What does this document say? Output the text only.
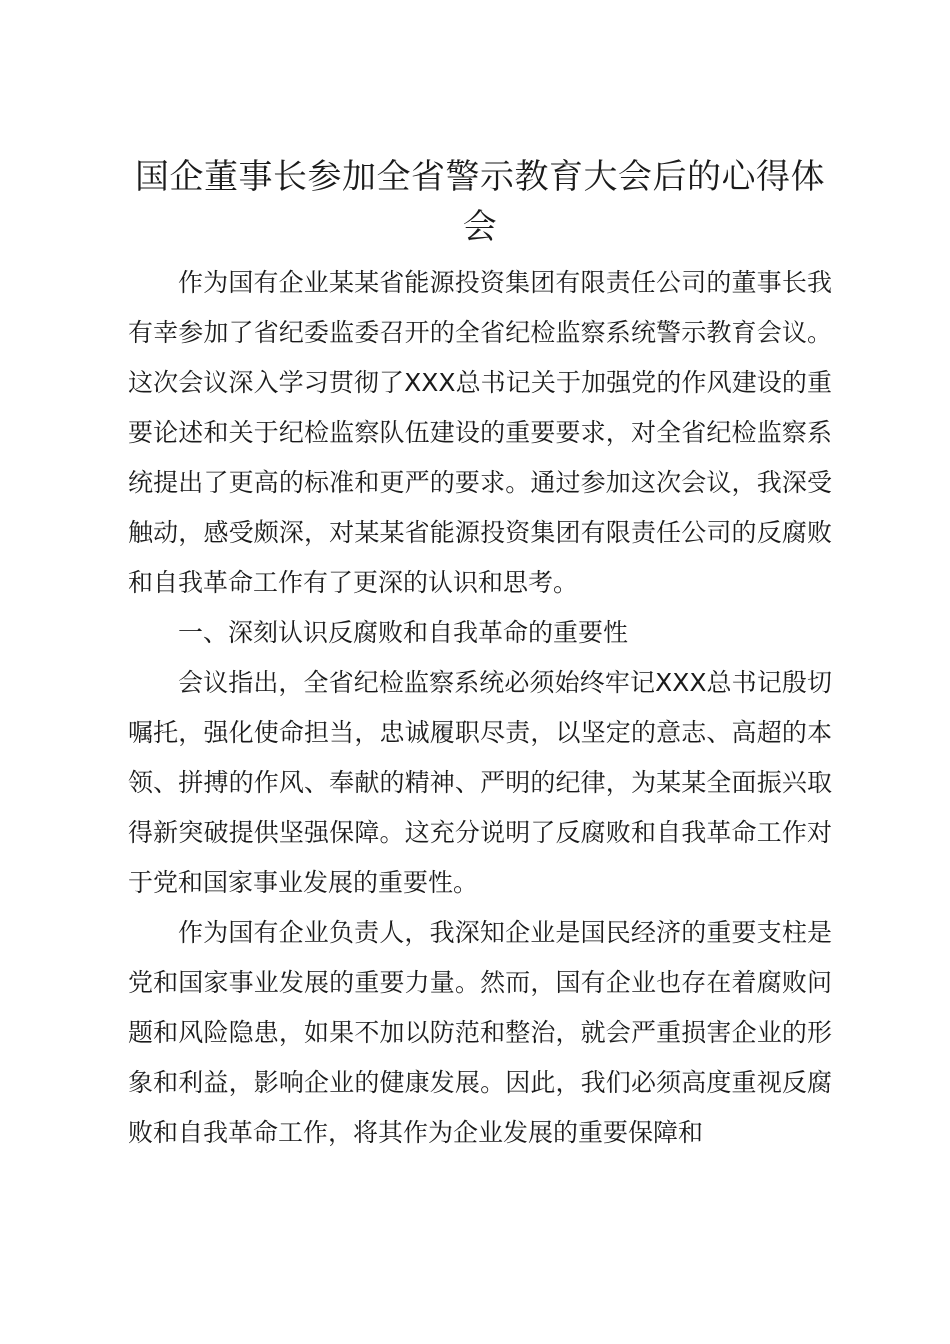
国企董事长参加全省警示教育大会后的心得体会

作为国有企业某某省能源投资集团有限责任公司的董事长我有幸参加了省纪委监委召开的全省纪检监察系统警示教育会议。这次会议深入学习贯彻了XXX总书记关于加强党的作风建设的重要论述和关于纪检监察队伍建设的重要要求，对全省纪检监察系统提出了更高的标准和更严的要求。通过参加这次会议，我深受触动，感受颇深，对某某省能源投资集团有限责任公司的反腐败和自我革命工作有了更深的认识和思考。

一、深刻认识反腐败和自我革命的重要性

会议指出，全省纪检监察系统必须始终牢记XXX总书记殷切嘱托，强化使命担当，忠诚履职尽责，以坚定的意志、高超的本领、拼搏的作风、奉献的精神、严明的纪律，为某某全面振兴取得新突破提供坚强保障。这充分说明了反腐败和自我革命工作对于党和国家事业发展的重要性。

作为国有企业负责人，我深知企业是国民经济的重要支柱是党和国家事业发展的重要力量。然而，国有企业也存在着腐败问题和风险隐患，如果不加以防范和整治，就会严重损害企业的形象和利益，影响企业的健康发展。因此，我们必须高度重视反腐败和自我革命工作，将其作为企业发展的重要保障和
